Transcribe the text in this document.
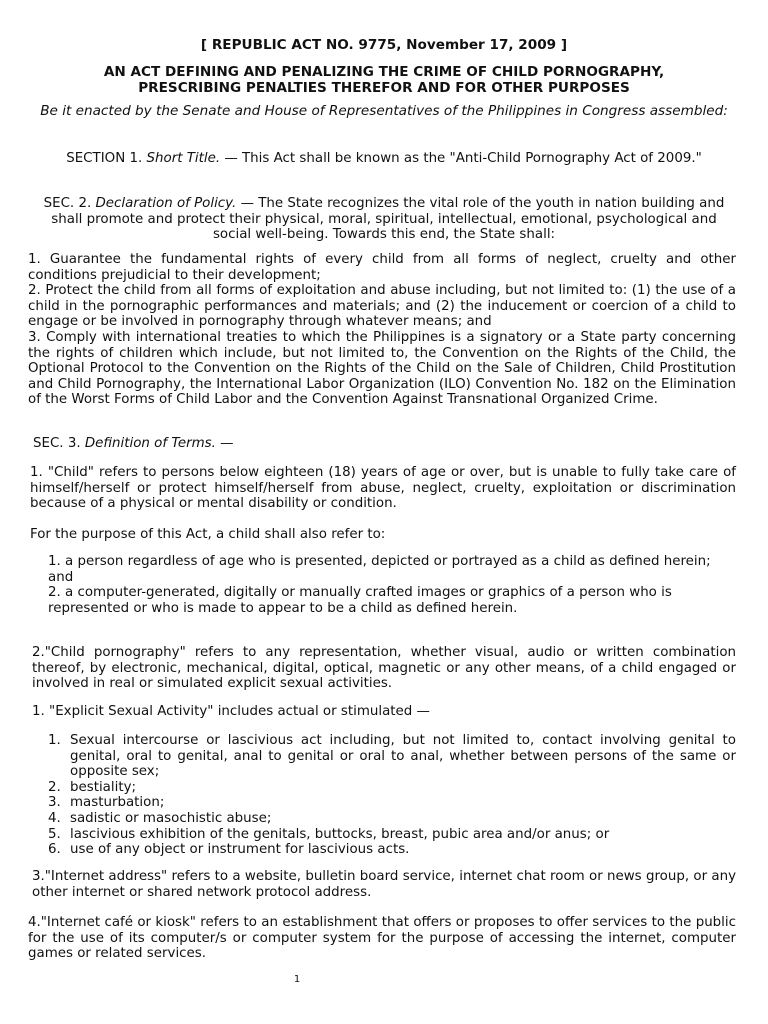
[ REPUBLIC ACT NO. 9775, November 17, 2009 ]

AN ACT DEFINING AND PENALIZING THE CRIME OF CHILD PORNOGRAPHY,

PRESCRIBING PENALTIES THEREFOR AND FOR OTHER PURPOSES

Be it enacted by the Senate and House of Representatives of the Philippines in Congress assembled:

SECTION 1. Short Title. — This Act shall be known as the "Anti-Child Pornography Act of 2009."

SEC. 2. Declaration of Policy. — The State recognizes the vital role of the youth in nation building and shall promote and protect their physical, moral, spiritual, intellectual, emotional, psychological and social well-being. Towards this end, the State shall:

1. Guarantee the fundamental rights of every child from all forms of neglect, cruelty and other conditions prejudicial to their development;

2. Protect the child from all forms of exploitation and abuse including, but not limited to: (1) the use of a child in the pornographic performances and materials; and (2) the inducement or coercion of a child to engage or be involved in pornography through whatever means; and

3. Comply with international treaties to which the Philippines is a signatory or a State party concerning the rights of children which include, but not limited to, the Convention on the Rights of the Child, the Optional Protocol to the Convention on the Rights of the Child on the Sale of Children, Child Prostitution and Child Pornography, the International Labor Organization (ILO) Convention No. 182 on the Elimination of the Worst Forms of Child Labor and the Convention Against Transnational Organized Crime.

SEC. 3. Definition of Terms. —

1. "Child" refers to persons below eighteen (18) years of age or over, but is unable to fully take care of himself/herself or protect himself/herself from abuse, neglect, cruelty, exploitation or discrimination because of a physical or mental disability or condition.

For the purpose of this Act, a child shall also refer to:

1. a person regardless of age who is presented, depicted or portrayed as a child as defined herein; and

2. a computer-generated, digitally or manually crafted images or graphics of a person who is represented or who is made to appear to be a child as defined herein.

2."Child pornography" refers to any representation, whether visual, audio or written combination thereof, by electronic, mechanical, digital, optical, magnetic or any other means, of a child engaged or involved in real or simulated explicit sexual activities.

1. "Explicit Sexual Activity" includes actual or stimulated —

1. Sexual intercourse or lascivious act including, but not limited to, contact involving genital to genital, oral to genital, anal to genital or oral to anal, whether between persons of the same or opposite sex;
2. bestiality;
3. masturbation;
4. sadistic or masochistic abuse;
5. lascivious exhibition of the genitals, buttocks, breast, pubic area and/or anus; or
6. use of any object or instrument for lascivious acts.

3."Internet address" refers to a website, bulletin board service, internet chat room or news group, or any other internet or shared network protocol address.

4."Internet café or kiosk" refers to an establishment that offers or proposes to offer services to the public for the use of its computer/s or computer system for the purpose of accessing the internet, computer games or related services.

1
